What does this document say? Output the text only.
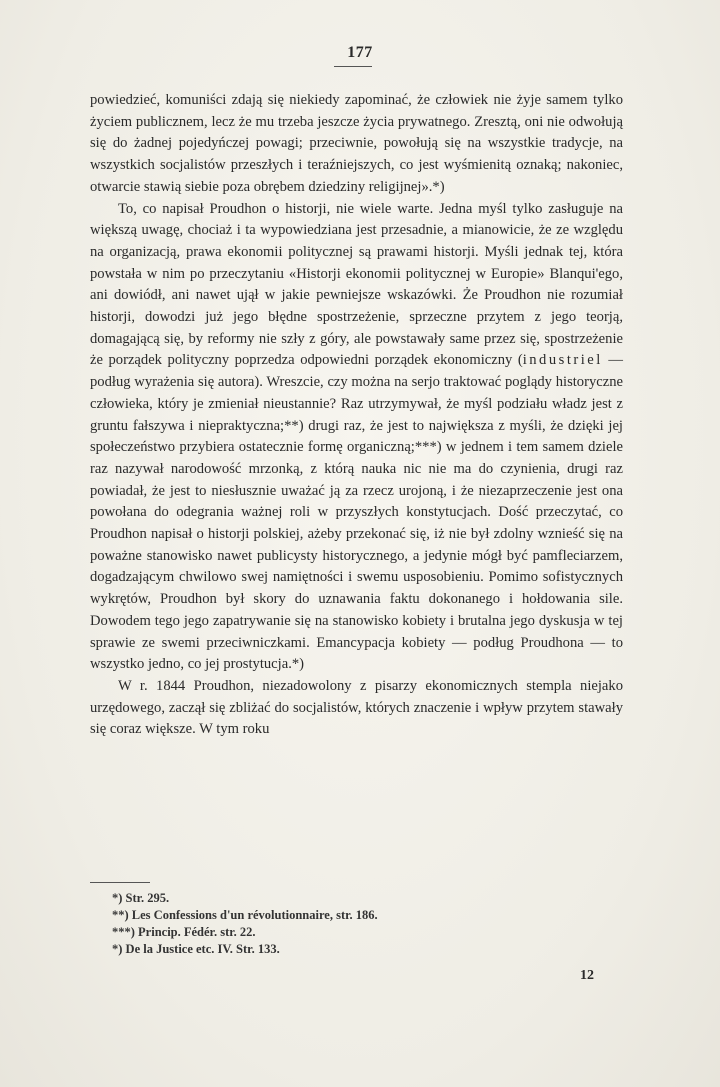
177

powiedzieć, komuniści zdają się niekiedy zapominać, że człowiek nie żyje samem tylko życiem publicznem, lecz że mu trzeba jeszcze życia prywatnego. Zresztą, oni nie odwołują się do żadnej pojedyńczej powagi; przeciwnie, powołują się na wszystkie tradycje, na wszystkich socjalistów przeszłych i teraźniejszych, co jest wyśmienitą oznaką; nakoniec, otwarcie stawią siebie poza obrębem dziedziny religijnej».*)

To, co napisał Proudhon o historji, nie wiele warte. Jedna myśl tylko zasługuje na większą uwagę, chociaż i ta wypowiedziana jest przesadnie, a mianowicie, że ze względu na organizacją, prawa ekonomii politycznej są prawami historji. Myśli jednak tej, która powstała w nim po przeczytaniu «Historji ekonomii politycznej w Europie» Blanqui'ego, ani dowiódł, ani nawet ujął w jakie pewniejsze wskazówki. Że Proudhon nie rozumiał historji, dowodzi już jego błędne spostrzeżenie, sprzeczne przytem z jego teorją, domagającą się, by reformy nie szły z góry, ale powstawały same przez się, spostrzeżenie że porządek polityczny poprzedza odpowiedni porządek ekonomiczny (industriel — podług wyrażenia się autora). Wreszcie, czy można na serjo traktować poglądy historyczne człowieka, który je zmieniał nieustannie? Raz utrzymywał, że myśl podziału władz jest z gruntu fałszywa i niepraktyczna;**) drugi raz, że jest to największa z myśli, że dzięki jej społeczeństwo przybiera ostatecznie formę organiczną;***) w jednem i tem samem dziele raz nazywał narodowość mrzonką, z którą nauka nic nie ma do czynienia, drugi raz powiadał, że jest to niesłusznie uważać ją za rzecz urojoną, i że niezaprzeczenie jest ona powołana do odegrania ważnej roli w przyszłych konstytucjach. Dość przeczytać, co Proudhon napisał o historji polskiej, ażeby przekonać się, iż nie był zdolny wznieść się na poważne stanowisko nawet publicysty historycznego, a jedynie mógł być pamfleciarzem, dogadzającym chwilowo swej namiętności i swemu usposobieniu. Pomimo sofistycznych wykrętów, Proudhon był skory do uznawania faktu dokonanego i hołdowania sile. Dowodem tego jego zapatrywanie się na stanowisko kobiety i brutalna jego dyskusja w tej sprawie ze swemi przeciwniczkami. Emancypacja kobiety — podług Proudhona — to wszystko jedno, co jej prostytucja.*)

W r. 1844 Proudhon, niezadowolony z pisarzy ekonomicznych stempla niejako urzędowego, zaczął się zbliżać do socjalistów, których znaczenie i wpływ przytem stawały się coraz większe. W tym roku

*) Str. 295.
**) Les Confessions d'un révolutionnaire, str. 186.
***) Princip. Fédér. str. 22.
*) De la Justice etc. IV. Str. 133.
12
